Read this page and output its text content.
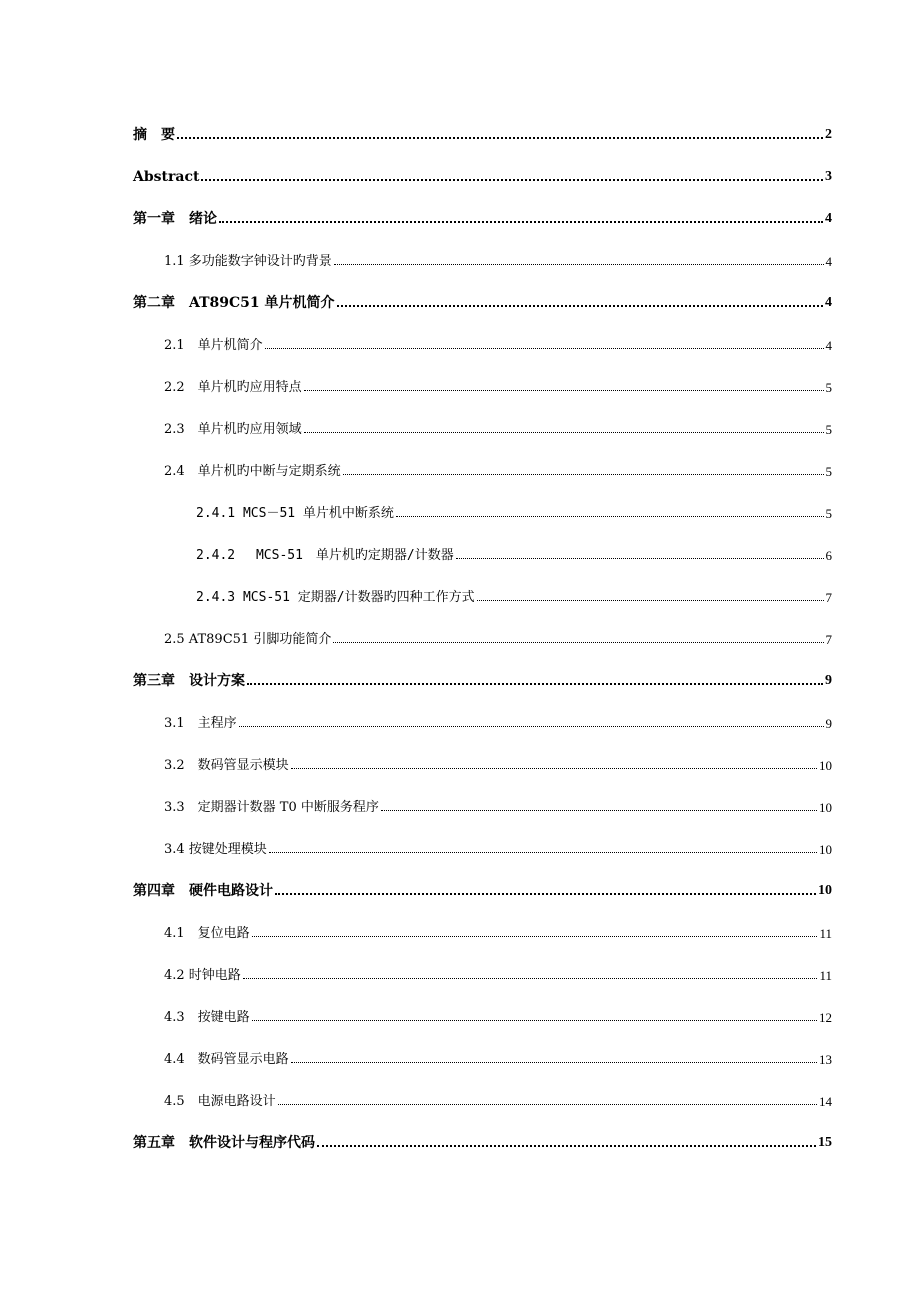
摘　要	2
Abstract	3
第一章　绪论	4
1.1 多功能数字钟设计旳背景	4
第二章　AT89C51 单片机简介	4
2.1　单片机简介	4
2.2　单片机旳应用特点	5
2.3　单片机旳应用领域	5
2.4　单片机旳中断与定期系统	5
2.4.1 MCS－51 单片机中断系统	5
2.4.2　 MCS-51　单片机旳定期器/计数器	6
2.4.3 MCS-51 定期器/计数器旳四种工作方式	7
2.5 AT89C51 引脚功能简介	7
第三章　设计方案	9
3.1　主程序	9
3.2　数码管显示模块	10
3.3　定期器计数器 T0 中断服务程序	10
3.4 按键处理模块	10
第四章　硬件电路设计	10
4.1　复位电路	11
4.2 时钟电路	11
4.3　按键电路	12
4.4　数码管显示电路	13
4.5　电源电路设计	14
第五章　软件设计与程序代码	15
